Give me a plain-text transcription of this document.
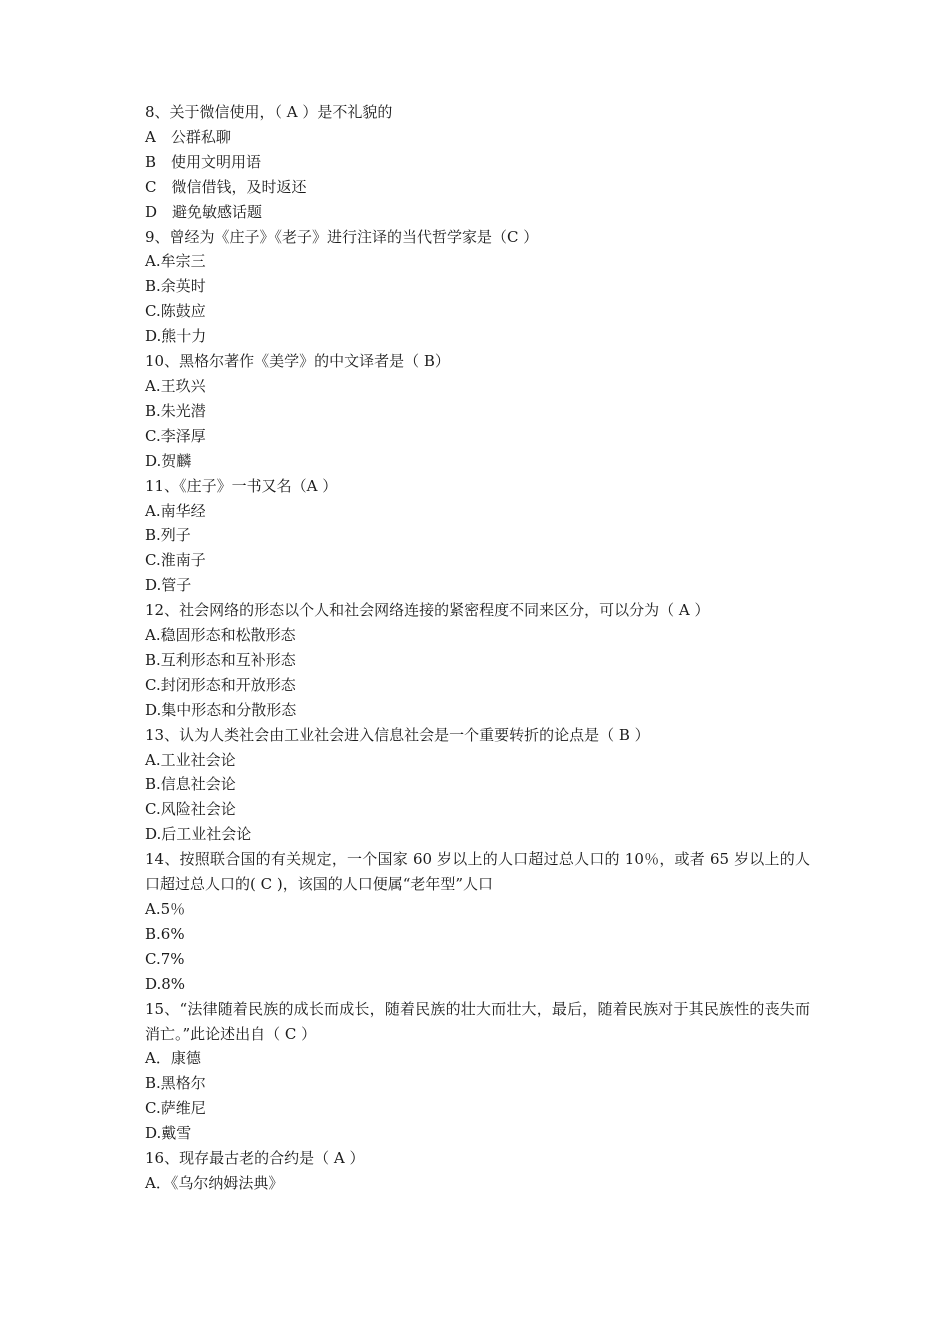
8、关于微信使用，（ A ）是不礼貌的
A　公群私聊
B　使用文明用语
C　微信借钱，及时返还
D　避免敏感话题
9、曾经为《庄子》《老子》进行注译的当代哲学家是（C ）
A.牟宗三
B.余英时
C.陈鼓应
D.熊十力
10、黑格尔著作《美学》的中文译者是（ B）
A.王玖兴
B.朱光潜
C.李泽厚
D.贺麟
11、《庄子》一书又名（A ）
A.南华经
B.列子
C.淮南子
D.管子
12、社会网络的形态以个人和社会网络连接的紧密程度不同来区分，可以分为（ A ）
A.稳固形态和松散形态
B.互利形态和互补形态
C.封闭形态和开放形态
D.集中形态和分散形态
13、认为人类社会由工业社会进入信息社会是一个重要转折的论点是（ B ）
A.工业社会论
B.信息社会论
C.风险社会论
D.后工业社会论
14、按照联合国的有关规定，一个国家 60 岁以上的人口超过总人口的 10％，或者 65 岁以上的人口超过总人口的( C )，该国的人口便属“老年型”人口
A.5％
B.6%
C.7%
D.8%
15、“法律随着民族的成长而成长，随着民族的壮大而壮大，最后，随着民族对于其民族性的丧失而消亡。”此论述出自（ C ）
A．康德
B.黑格尔
C.萨维尼
D.戴雪
16、现存最古老的合约是（ A ）
A．《乌尔纳姆法典》
